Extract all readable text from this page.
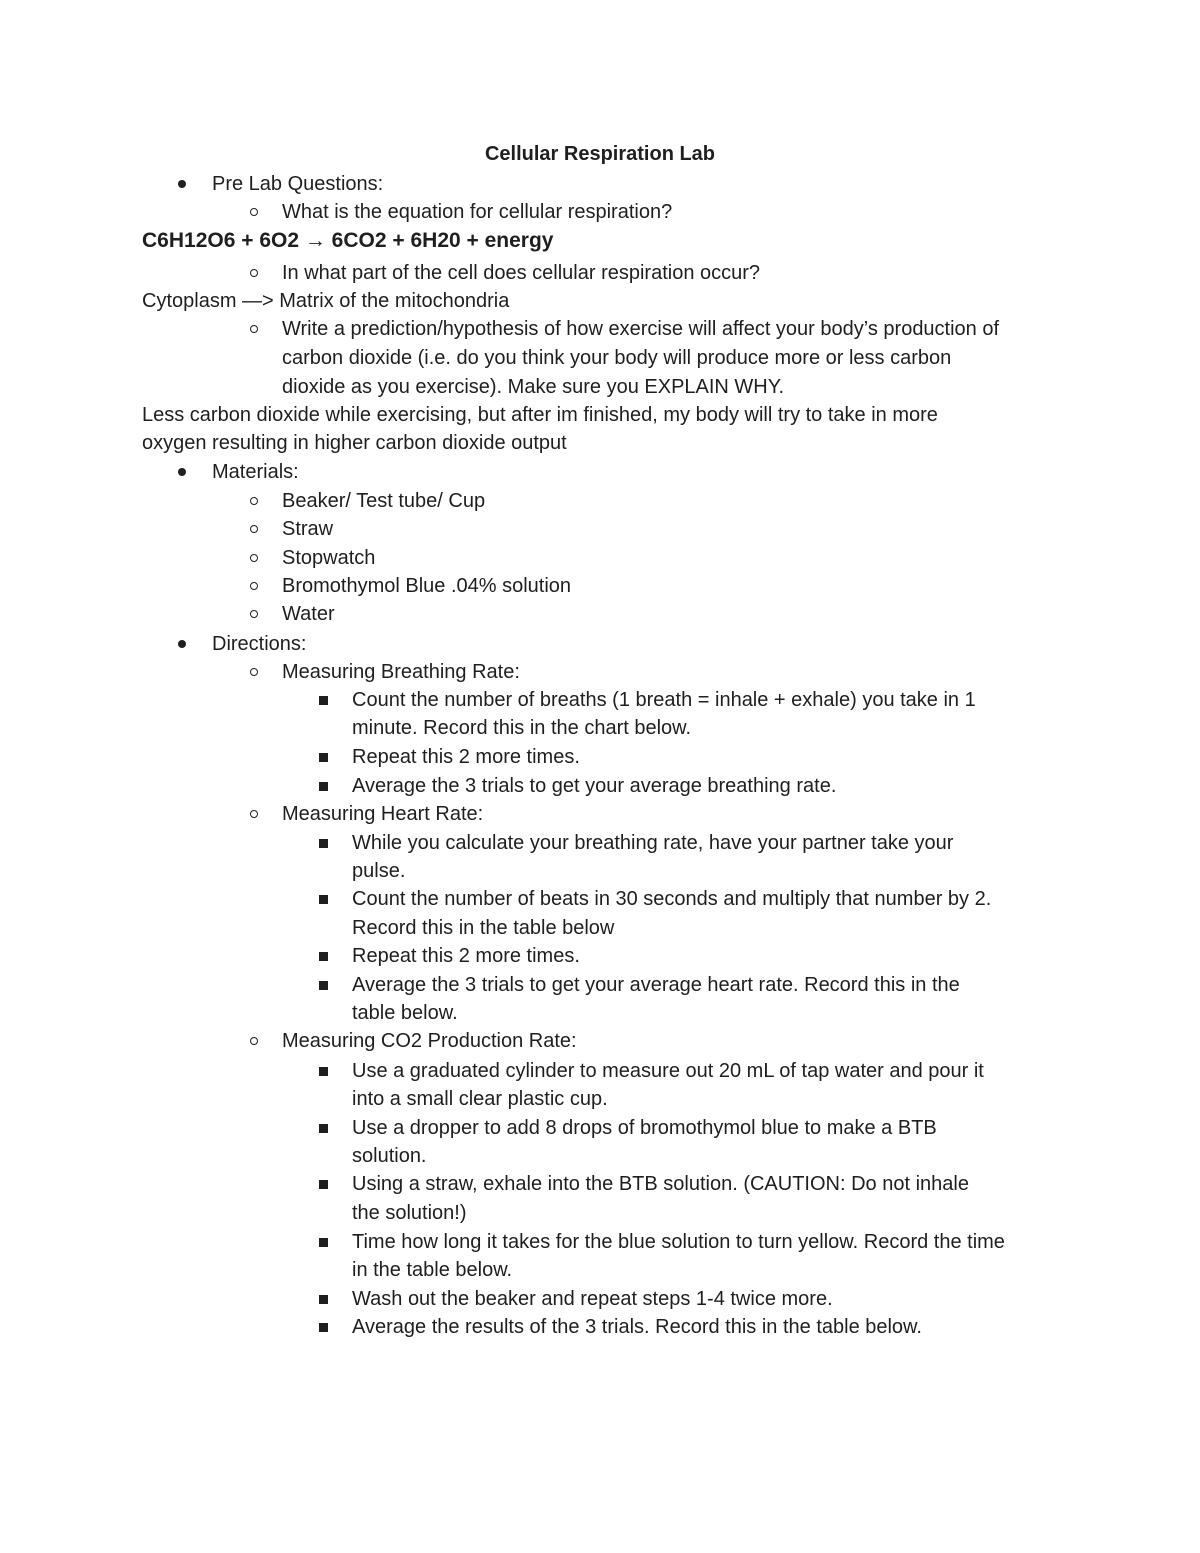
Cellular Respiration Lab
Pre Lab Questions:
What is the equation for cellular respiration?
C6H12O6 + 6O2 → 6CO2 + 6H20 + energy
In what part of the cell does cellular respiration occur?
Cytoplasm —> Matrix of the mitochondria
Write a prediction/hypothesis of how exercise will affect your body’s production of
carbon dioxide (i.e. do you think your body will produce more or less carbon
dioxide as you exercise). Make sure you EXPLAIN WHY.
Less carbon dioxide while exercising, but after im finished, my body will try to take in more
oxygen resulting in higher carbon dioxide output
Materials:
Beaker/ Test tube/ Cup
Straw
Stopwatch
Bromothymol Blue .04% solution
Water
Directions:
Measuring Breathing Rate:
Count the number of breaths (1 breath = inhale + exhale) you take in 1
minute. Record this in the chart below.
Repeat this 2 more times.
Average the 3 trials to get your average breathing rate.
Measuring Heart Rate:
While you calculate your breathing rate, have your partner take your
pulse.
Count the number of beats in 30 seconds and multiply that number by 2.
Record this in the table below
Repeat this 2 more times.
Average the 3 trials to get your average heart rate. Record this in the
table below.
Measuring CO2 Production Rate:
Use a graduated cylinder to measure out 20 mL of tap water and pour it
into a small clear plastic cup.
Use a dropper to add 8 drops of bromothymol blue to make a BTB
solution.
Using a straw, exhale into the BTB solution. (CAUTION: Do not inhale
the solution!)
Time how long it takes for the blue solution to turn yellow. Record the time
in the table below.
Wash out the beaker and repeat steps 1-4 twice more.
Average the results of the 3 trials. Record this in the table below.
